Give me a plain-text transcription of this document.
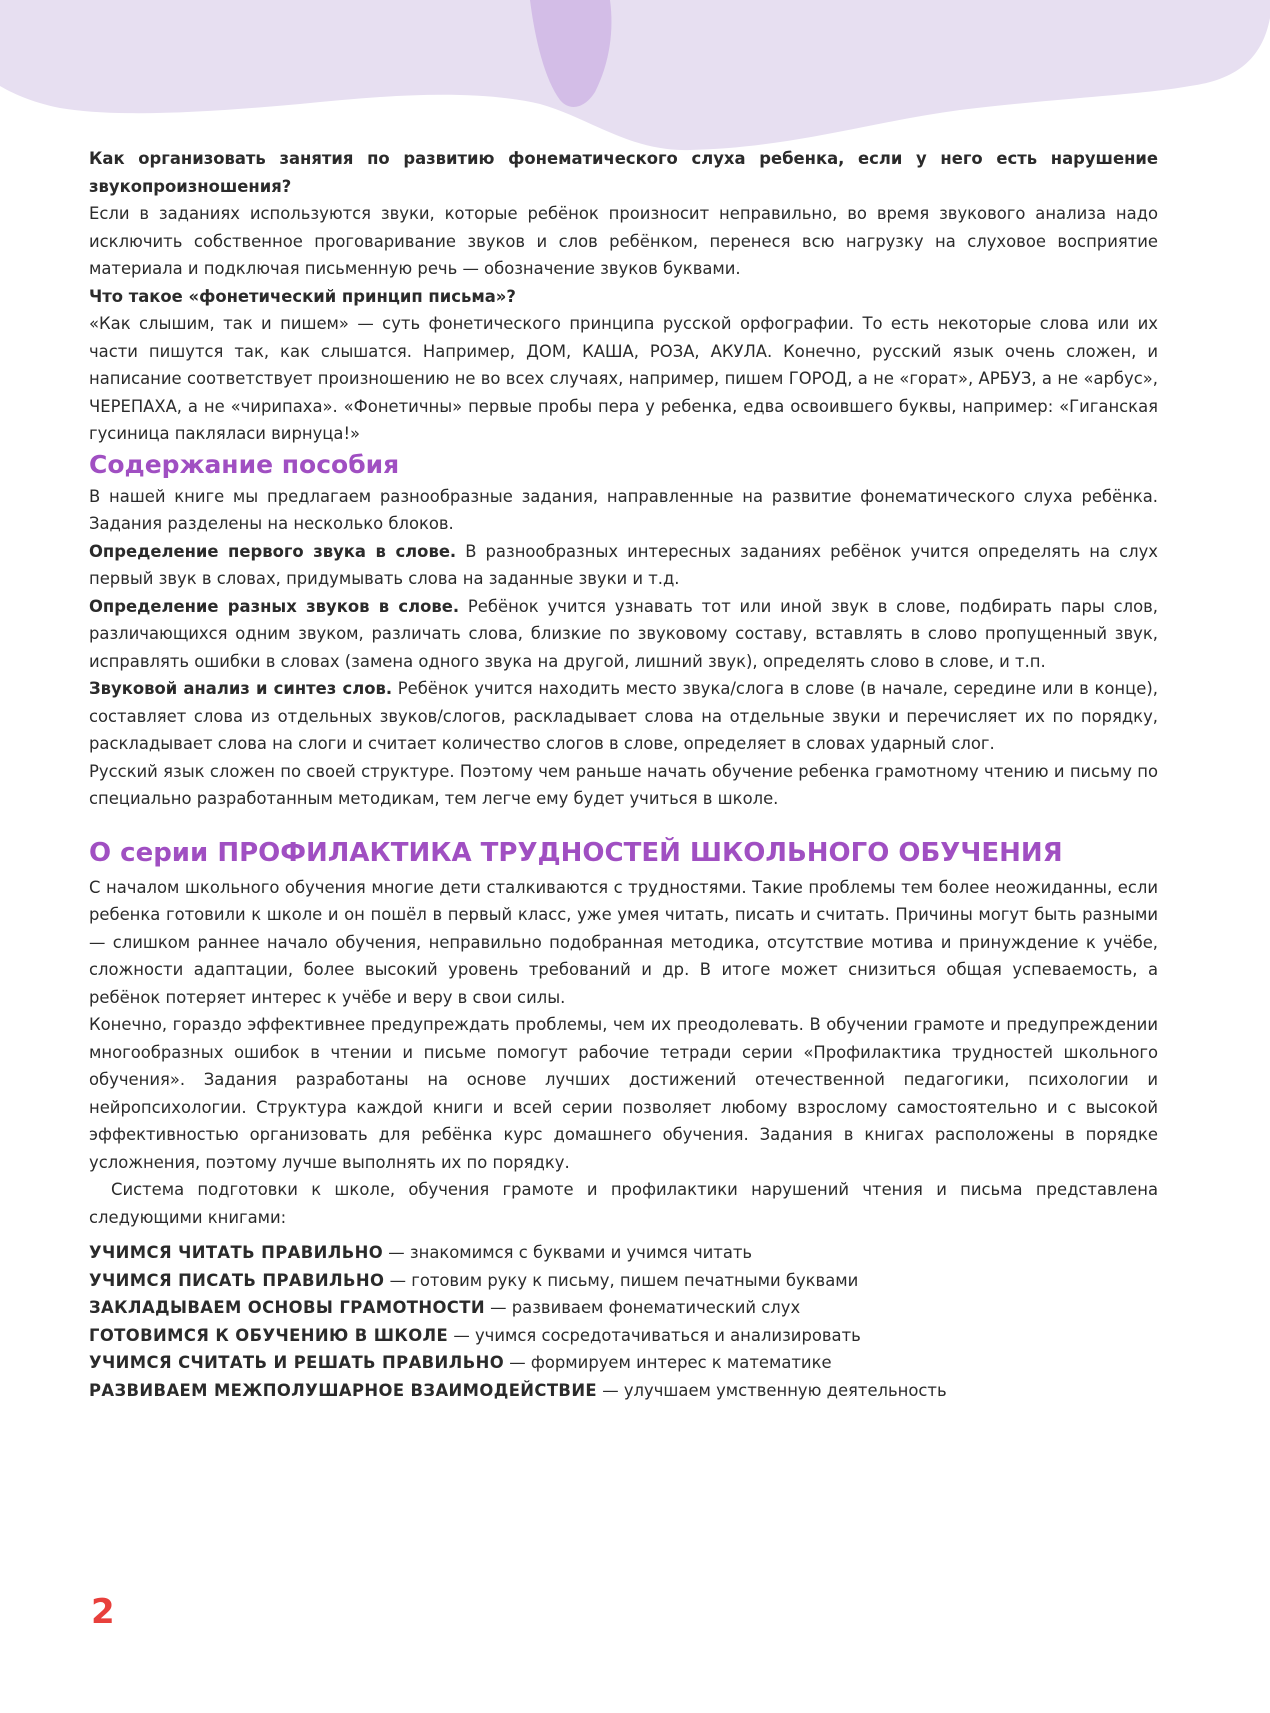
Как организовать занятия по развитию фонематического слуха ребенка, если у него есть нарушение звукопроизношения?

Если в заданиях используются звуки, которые ребёнок произносит неправильно, во время звукового анализа надо исключить собственное проговаривание звуков и слов ребёнком, перенеся всю нагрузку на слуховое восприятие материала и подключая письменную речь — обозначение звуков буквами.

Что такое «фонетический принцип письма»?

«Как слышим, так и пишем» — суть фонетического принципа русской орфографии. То есть некоторые слова или их части пишутся так, как слышатся. Например, ДОМ, КАША, РОЗА, АКУЛА. Конечно, русский язык очень сложен, и написание соответствует произношению не во всех случаях, например, пишем ГОРОД, а не «горат», АРБУЗ, а не «арбус», ЧЕРЕПАХА, а не «чирипаха». «Фонетичны» первые пробы пера у ребенка, едва освоившего буквы, например: «Гиганская гусиница пакляласи вирнуца!»

Содержание пособия

В нашей книге мы предлагаем разнообразные задания, направленные на развитие фонематического слуха ребёнка. Задания разделены на несколько блоков.

Определение первого звука в слове. В разнообразных интересных заданиях ребёнок учится определять на слух первый звук в словах, придумывать слова на заданные звуки и т.д.

Определение разных звуков в слове. Ребёнок учится узнавать тот или иной звук в слове, подбирать пары слов, различающихся одним звуком, различать слова, близкие по звуковому составу, вставлять в слово пропущенный звук, исправлять ошибки в словах (замена одного звука на другой, лишний звук), определять слово в слове, и т.п.

Звуковой анализ и синтез слов. Ребёнок учится находить место звука/слога в слове (в начале, середине или в конце), составляет слова из отдельных звуков/слогов, раскладывает слова на отдельные звуки и перечисляет их по порядку, раскладывает слова на слоги и считает количество слогов в слове, определяет в словах ударный слог.

Русский язык сложен по своей структуре. Поэтому чем раньше начать обучение ребенка грамотному чтению и письму по специально разработанным методикам, тем легче ему будет учиться в школе.

О серии ПРОФИЛАКТИКА ТРУДНОСТЕЙ ШКОЛЬНОГО ОБУЧЕНИЯ

С началом школьного обучения многие дети сталкиваются с трудностями. Такие проблемы тем более неожиданны, если ребенка готовили к школе и он пошёл в первый класс, уже умея читать, писать и считать. Причины могут быть разными — слишком раннее начало обучения, неправильно подобранная методика, отсутствие мотива и принуждение к учёбе, сложности адаптации, более высокий уровень требований и др. В итоге может снизиться общая успеваемость, а ребёнок потеряет интерес к учёбе и веру в свои силы.

Конечно, гораздо эффективнее предупреждать проблемы, чем их преодолевать. В обучении грамоте и предупреждении многообразных ошибок в чтении и письме помогут рабочие тетради серии «Профилактика трудностей школьного обучения». Задания разработаны на основе лучших достижений отечественной педагогики, психологии и нейропсихологии. Структура каждой книги и всей серии позволяет любому взрослому самостоятельно и с высокой эффективностью организовать для ребёнка курс домашнего обучения. Задания в книгах расположены в порядке усложнения, поэтому лучше выполнять их по порядку.

Система подготовки к школе, обучения грамоте и профилактики нарушений чтения и письма представлена следующими книгами:

УЧИМСЯ ЧИТАТЬ ПРАВИЛЬНО — знакомимся с буквами и учимся читать

УЧИМСЯ ПИСАТЬ ПРАВИЛЬНО — готовим руку к письму, пишем печатными буквами

ЗАКЛАДЫВАЕМ ОСНОВЫ ГРАМОТНОСТИ — развиваем фонематический слух

ГОТОВИМСЯ К ОБУЧЕНИЮ В ШКОЛЕ — учимся сосредотачиваться и анализировать

УЧИМСЯ СЧИТАТЬ И РЕШАТЬ ПРАВИЛЬНО — формируем интерес к математике

РАЗВИВАЕМ МЕЖПОЛУШАРНОЕ ВЗАИМОДЕЙСТВИЕ — улучшаем умственную деятельность

2
